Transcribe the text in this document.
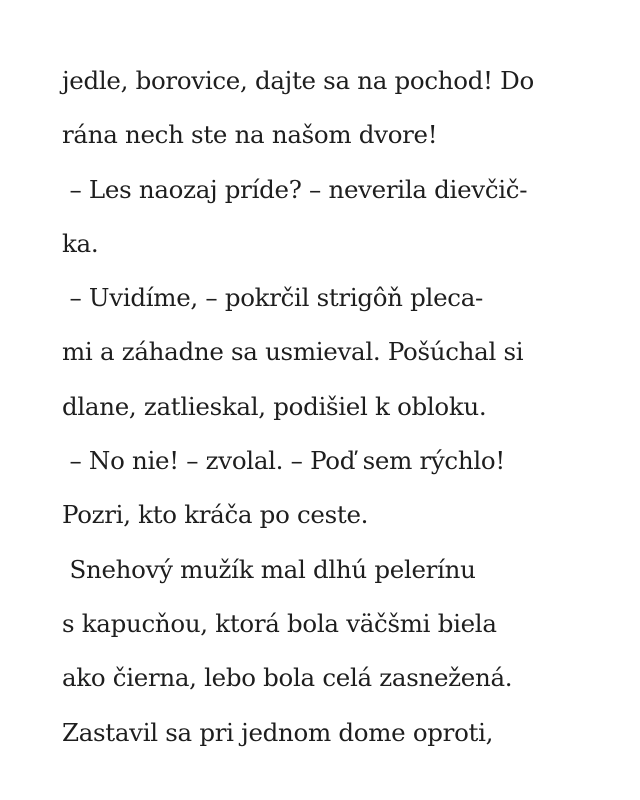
jedle, borovice, dajte sa na pochod! Do
rána nech ste na našom dvore!
– Les naozaj príde? – neverila dievčič-
ka.
– Uvidíme, – pokrčil strigôň pleca-
mi a záhadne sa usmieval. Pošúchal si
dlane, zatlieskal, podišiel k obloku.
– No nie! – zvolal. – Poď sem rýchlo!
Pozri, kto kráča po ceste.
Snehový mužík mal dlhú pelerínu
s kapucňou, ktorá bola väčšmi biela
ako čierna, lebo bola celá zasnežená.
Zastavil sa pri jednom dome oproti,
